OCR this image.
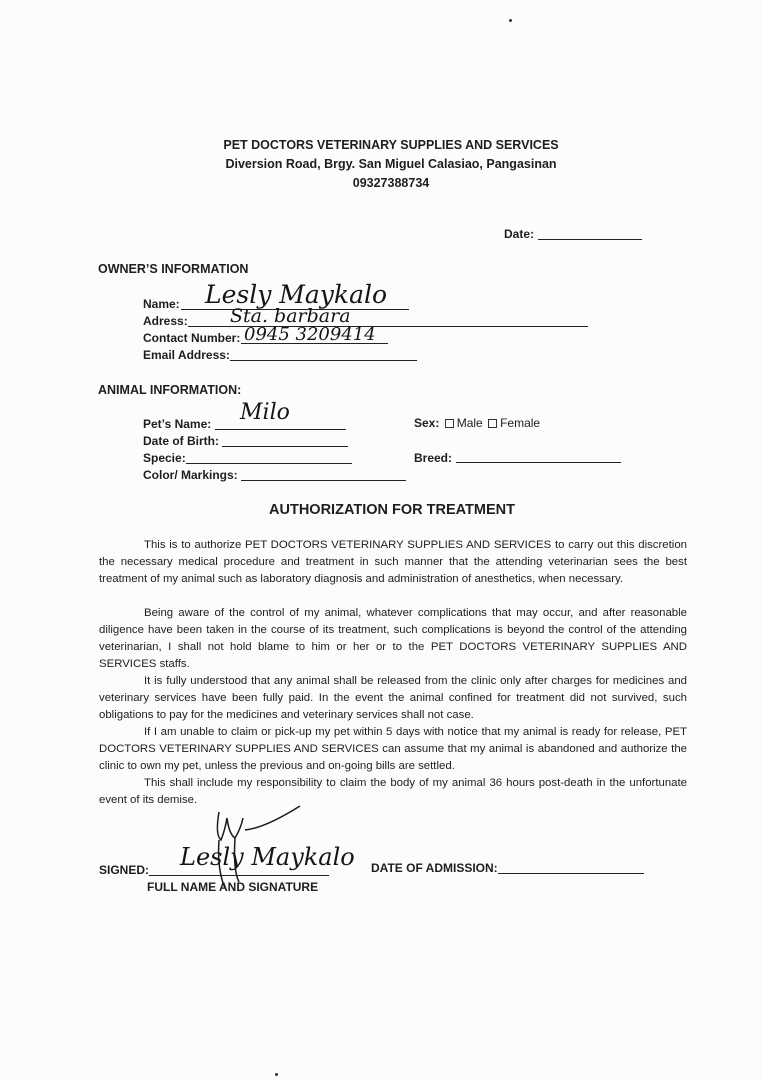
PET DOCTORS VETERINARY SUPPLIES AND SERVICES
Diversion Road, Brgy. San Miguel Calasiao, Pangasinan
09327388734
Date:
OWNER’S INFORMATION
Name: Lesly Maykalo
Adress: Sta. barbara
Contact Number: 0945 3209414
Email Address:
ANIMAL INFORMATION:
Pet’s Name: Milo
Date of Birth:
Specie:
Color/ Markings:
Sex: Male Female
Breed:
AUTHORIZATION FOR TREATMENT
This is to authorize PET DOCTORS VETERINARY SUPPLIES AND SERVICES to carry out this discretion the necessary medical procedure and treatment in such manner that the attending veterinarian sees the best treatment of my animal such as laboratory diagnosis and administration of anesthetics, when necessary.
Being aware of the control of my animal, whatever complications that may occur, and after reasonable diligence have been taken in the course of its treatment, such complications is beyond the control of the attending veterinarian, I shall not hold blame to him or her or to the PET DOCTORS VETERINARY SUPPLIES AND SERVICES staffs.
It is fully understood that any animal shall be released from the clinic only after charges for medicines and veterinary services have been fully paid. In the event the animal confined for treatment did not survived, such obligations to pay for the medicines and veterinary services shall not case.
If I am unable to claim or pick-up my pet within 5 days with notice that my animal is ready for release, PET DOCTORS VETERINARY SUPPLIES AND SERVICES can assume that my animal is abandoned and authorize the clinic to own my pet, unless the previous and on-going bills are settled.
This shall include my responsibility to claim the body of my animal 36 hours post-death in the unfortunate event of its demise.
SIGNED: Lesly Maykalo
FULL NAME AND SIGNATURE
DATE OF ADMISSION:
